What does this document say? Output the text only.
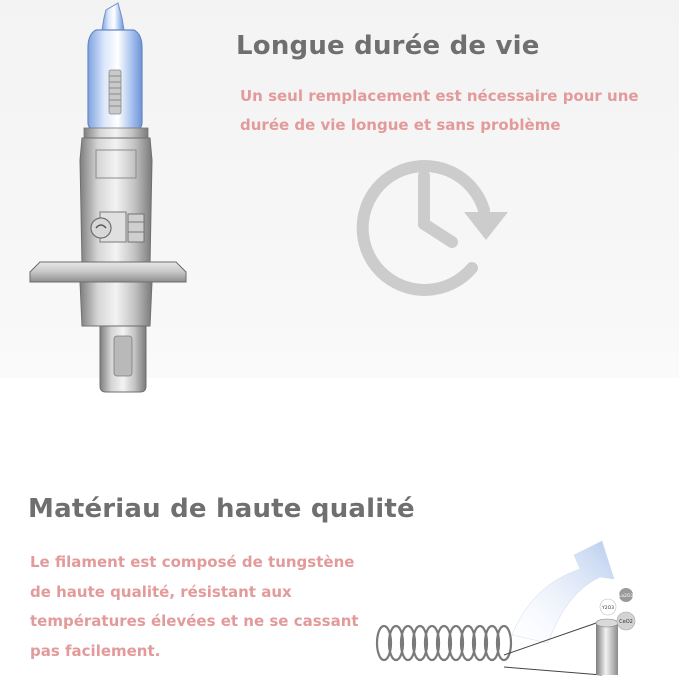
Longue durée de vie
Un seul remplacement est nécessaire pour une
durée de vie longue et sans problème
Matériau de haute qualité
Le filament est composé de tungstène
de haute qualité, résistant aux
températures élevées et ne se cassant
pas facilement.
La2O3
Y2O3
CeO2
